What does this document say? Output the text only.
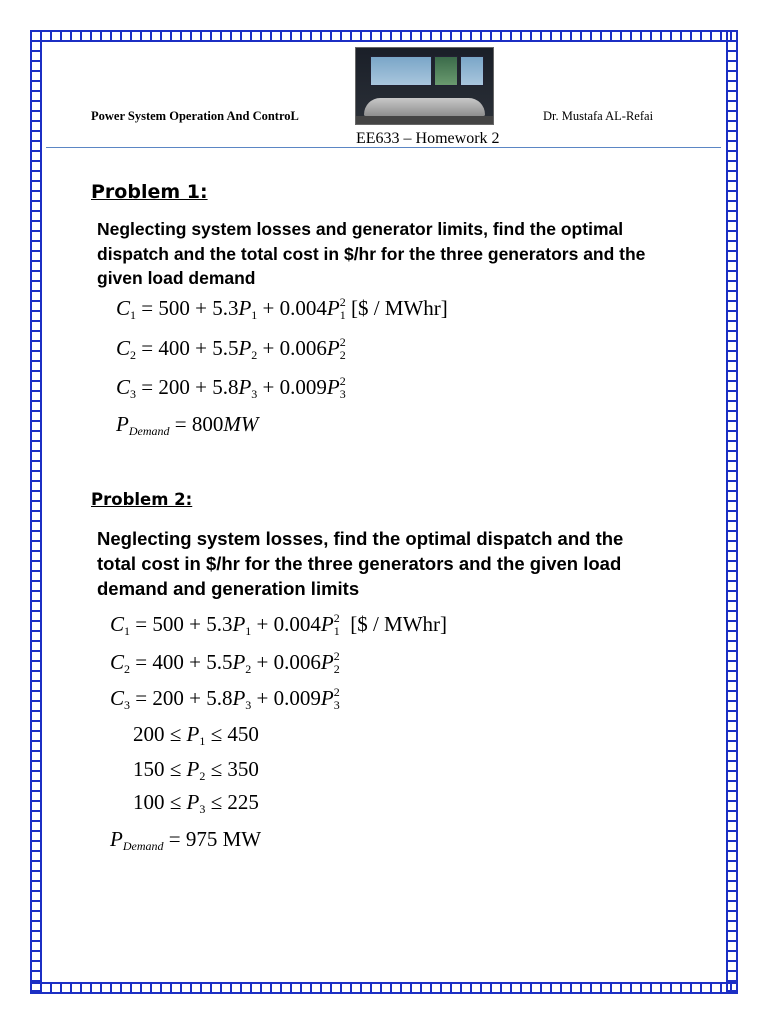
Power System Operation And ControL	Dr. Mustafa AL-Refai
EE633 – Homework 2
Problem 1:
Neglecting system losses and generator limits, find the optimal dispatch and the total cost in $/hr for the three generators and the given load demand
$C_1 = 500 + 5.3P_1 + 0.004P_1^2$ [$ / MWhr]
$C_2 = 400 + 5.5P_2 + 0.006P_2^2$
$C_3 = 200 + 5.8P_3 + 0.009P_3^2$
$P_{Demand} = 800MW$
Problem 2:
Neglecting system losses, find the optimal dispatch and the total cost in $/hr for the three generators and the given load demand and generation limits
$C_1 = 500 + 5.3P_1 + 0.004P_1^2$  [$ / MWhr]
$C_2 = 400 + 5.5P_2 + 0.006P_2^2$
$C_3 = 200 + 5.8P_3 + 0.009P_3^2$
$200 \le P_1 \le 450$
$150 \le P_2 \le 350$
$100 \le P_3 \le 225$
$P_{Demand} = 975$ MW
